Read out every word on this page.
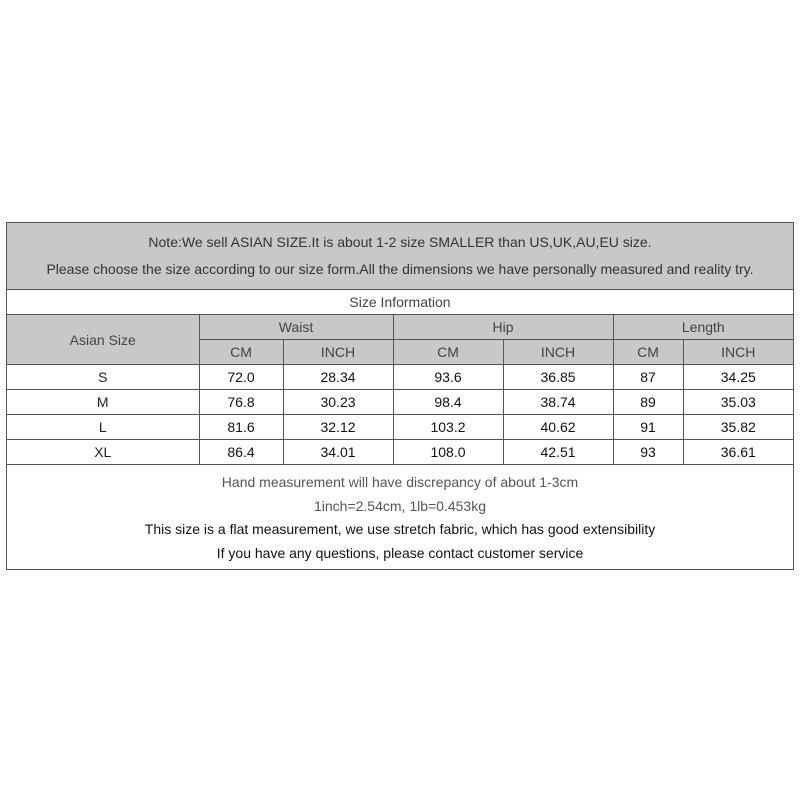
Note:We sell ASIAN SIZE.It is about 1-2 size SMALLER than US,UK,AU,EU size.
Please choose the size according to our size form.All the dimensions we have personally measured and reality try.
Size Information
Asian Size	Waist		Hip		Length	
	CM	INCH	CM	INCH	CM	INCH
S	72.0	28.34	93.6	36.85	87	34.25
M	76.8	30.23	98.4	38.74	89	35.03
L	81.6	32.12	103.2	40.62	91	35.82
XL	86.4	34.01	108.0	42.51	93	36.61
Hand measurement will have discrepancy of about 1-3cm
1inch=2.54cm, 1lb=0.453kg
This size is a flat measurement, we use stretch fabric, which has good extensibility
If you have any questions, please contact customer service
